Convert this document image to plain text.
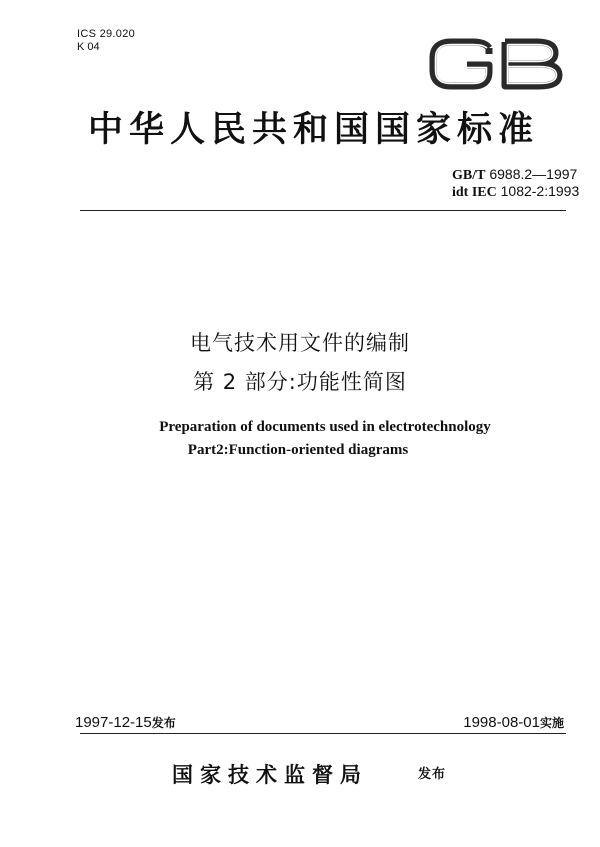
ICS 29.020
K 04
中华人民共和国国家标准
GB/T 6988.2—1997
idt IEC 1082-2:1993
电气技术用文件的编制
第 2 部分:功能性简图
Preparation of documents used in electrotechnology
Part2:Function-oriented diagrams
1997-12-15发布	1998-08-01实施
国家技术监督局	发布
